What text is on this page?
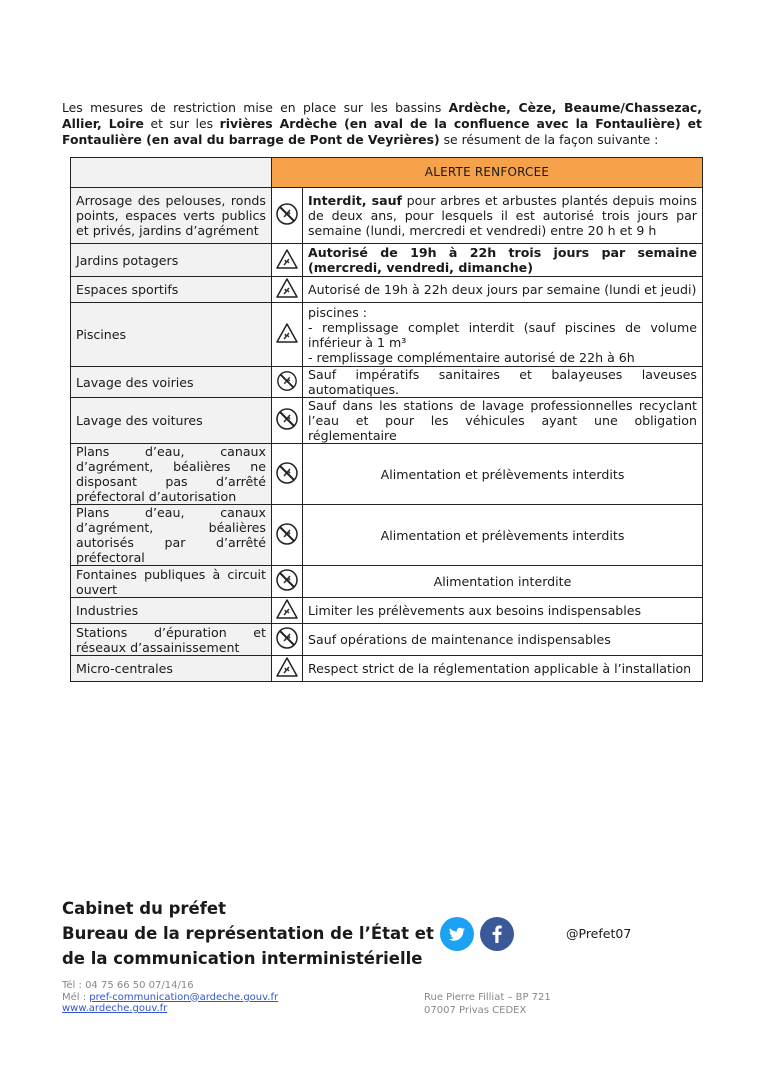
Les mesures de restriction mise en place sur les bassins Ardèche, Cèze, Beaume/Chassezac, Allier, Loire et sur les rivières Ardèche (en aval de la confluence avec la Fontaulière) et Fontaulière (en aval du barrage de Pont de Veyrières) se résument de la façon suivante :
	ALERTE RENFORCEE	
Arrosage des pelouses, ronds points, espaces verts publics et privés, jardins d’agrément		Interdit, sauf pour arbres et arbustes plantés depuis moins de deux ans, pour lesquels il est autorisé trois jours par semaine (lundi, mercredi et vendredi) entre 20 h et 9 h
Jardins potagers		Autorisé de 19h à 22h trois jours par semaine (mercredi, vendredi, dimanche)
Espaces sportifs		Autorisé de 19h à 22h deux jours par semaine (lundi et jeudi)
Piscines		piscines :
- remplissage complet interdit (sauf piscines de volume inférieur à 1 m³
- remplissage complémentaire autorisé de 22h à 6h

Lavage des voiries		Sauf impératifs sanitaires et balayeuses laveuses automatiques.
Lavage des voitures		Sauf dans les stations de lavage professionnelles recyclant l’eau et pour les véhicules ayant une obligation réglementaire
Plans d’eau, canaux d’agrément, béalières ne disposant pas d’arrêté préfectoral d’autorisation		Alimentation et prélèvements interdits
Plans d’eau, canaux d’agrément, béalières autorisés par d’arrêté préfectoral		Alimentation et prélèvements interdits
Fontaines publiques à circuit ouvert		Alimentation interdite
Industries		Limiter les prélèvements aux besoins indispensables
Stations d’épuration et réseaux d’assainissement		Sauf opérations de maintenance indispensables
Micro-centrales		Respect strict de la réglementation applicable à l’installation
Cabinet du préfet
Bureau de la représentation de l’État et
de la communication interministérielle
@Prefet07
Tél : 04 75 66 50 07/14/16
Mél : pref-communication@ardeche.gouv.fr
www.ardeche.gouv.fr
Rue Pierre Filliat – BP 721
07007 Privas CEDEX
